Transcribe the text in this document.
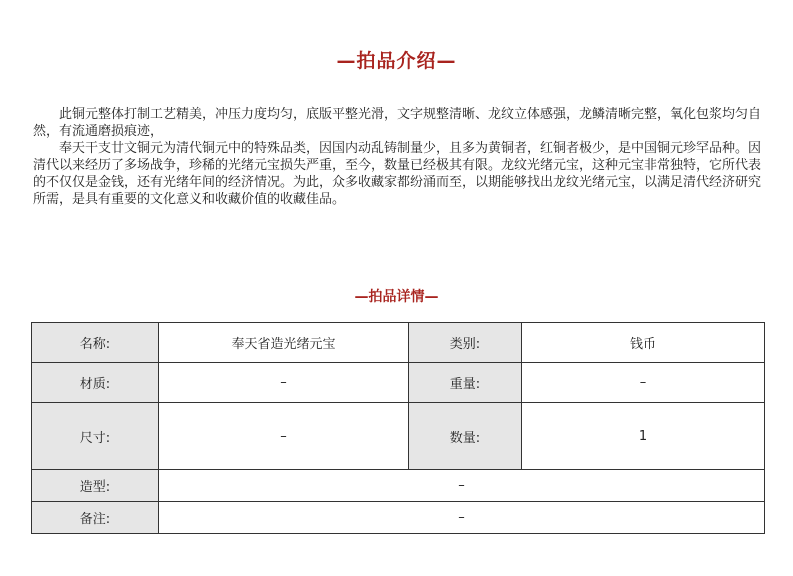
—拍品介绍—

此铜元整体打制工艺精美，冲压力度均匀，底版平整光滑，文字规整清晰、龙纹立体感强，龙鳞清晰完整，氧化包浆均匀自然，有流通磨损痕迹，

奉天干支廿文铜元为清代铜元中的特殊品类，因国内动乱铸制量少，且多为黄铜者，红铜者极少，是中国铜元珍罕品种。因清代以来经历了多场战争，珍稀的光绪元宝损失严重，至今，数量已经极其有限。龙纹光绪元宝，这种元宝非常独特，它所代表的不仅仅是金钱，还有光绪年间的经济情况。为此，众多收藏家都纷涌而至，以期能够找出龙纹光绪元宝，以满足清代经济研究所需，是具有重要的文化意义和收藏价值的收藏佳品。

—拍品详情—
名称:	奉天省造光绪元宝	类别:	钱币
材质:	–	重量:	–
尺寸:	–	数量:	1
造型:	–		
备注:	–		
